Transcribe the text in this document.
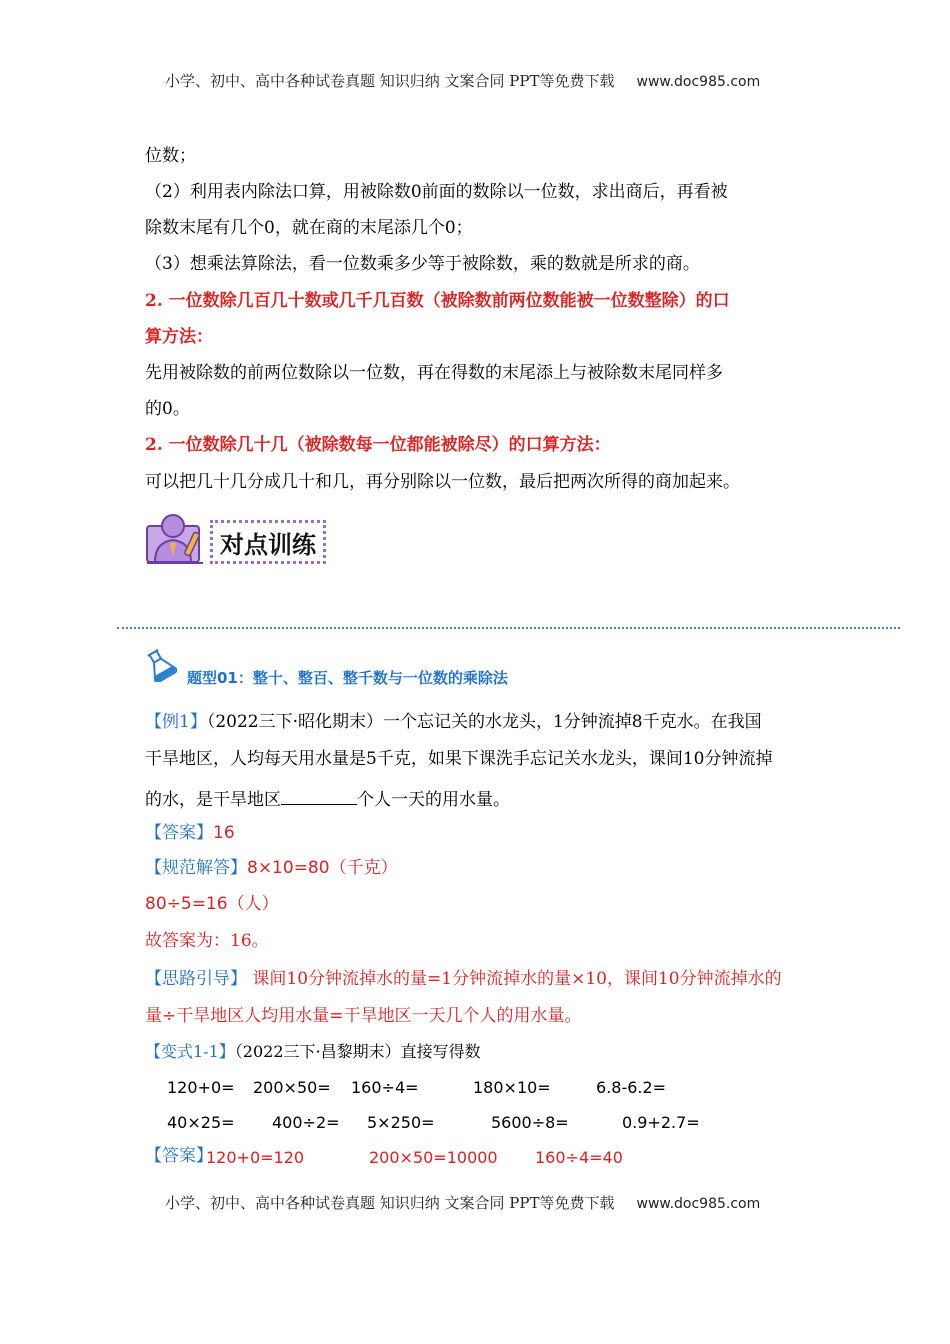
小学、初中、高中各种试卷真题 知识归纳 文案合同 PPT等免费下载 www.doc985.com
位数；
（2）利用表内除法口算，用被除数0前面的数除以一位数，求出商后，再看被
除数末尾有几个0，就在商的末尾添几个0；
（3）想乘法算除法，看一位数乘多少等于被除数，乘的数就是所求的商。
2. 一位数除几百几十数或几千几百数（被除数前两位数能被一位数整除）的口
算方法：
先用被除数的前两位数除以一位数，再在得数的末尾添上与被除数末尾同样多
的0。
2. 一位数除几十几（被除数每一位都能被除尽）的口算方法：
可以把几十几分成几十和几，再分别除以一位数，最后把两次所得的商加起来。
对点训练
题型01：整十、整百、整千数与一位数的乘除法
【例1】（2022三下·昭化期末）一个忘记关的水龙头，1分钟流掉8千克水。在我国
干旱地区，人均每天用水量是5千克，如果下课洗手忘记关水龙头，课间10分钟流掉
的水，是干旱地区	个人一天的用水量。
【答案】16
【规范解答】8×10=80（千克）
80÷5=16（人）
故答案为：16。
【思路引导】 课间10分钟流掉水的量=1分钟流掉水的量×10，课间10分钟流掉水的
量÷干旱地区人均用水量=干旱地区一天几个人的用水量。
【变式1-1】（2022三下·昌黎期末）直接写得数
120+0= 200×50= 160÷4=	180×10=	6.8-6.2=
40×25= 400÷2= 5×250=	5600÷8=	0.9+2.7=
【答案】
120+0=120	200×50=10000 160÷4=40
小学、初中、高中各种试卷真题 知识归纳 文案合同 PPT等免费下载 www.doc985.com
